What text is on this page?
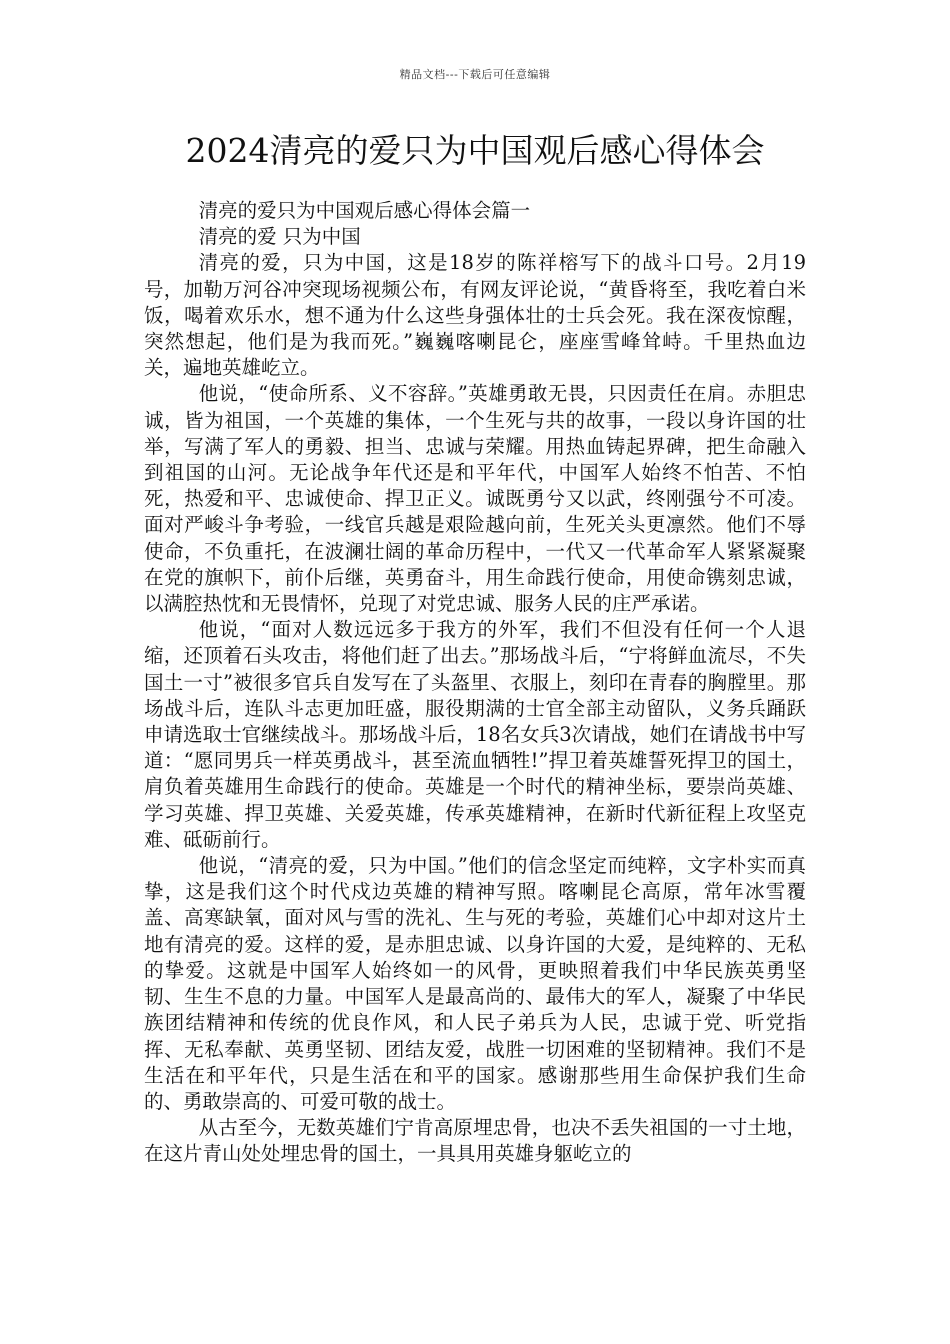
精品文档---下载后可任意编辑
2024清亮的爱只为中国观后感心得体会

清亮的爱只为中国观后感心得体会篇一

清亮的爱 只为中国

清亮的爱，只为中国，这是18岁的陈祥榕写下的战斗口号。2月19号，加勒万河谷冲突现场视频公布，有网友评论说，“黄昏将至，我吃着白米饭，喝着欢乐水，想不通为什么这些身强体壮的士兵会死。我在深夜惊醒，突然想起，他们是为我而死。”巍巍喀喇昆仑，座座雪峰耸峙。千里热血边关，遍地英雄屹立。

他说，“使命所系、义不容辞。”英雄勇敢无畏，只因责任在肩。赤胆忠诚，皆为祖国，一个英雄的集体，一个生死与共的故事，一段以身许国的壮举，写满了军人的勇毅、担当、忠诚与荣耀。用热血铸起界碑，把生命融入到祖国的山河。无论战争年代还是和平年代，中国军人始终不怕苦、不怕死，热爱和平、忠诚使命、捍卫正义。诚既勇兮又以武，终刚强兮不可凌。面对严峻斗争考验，一线官兵越是艰险越向前，生死关头更凛然。他们不辱使命，不负重托，在波澜壮阔的革命历程中，一代又一代革命军人紧紧凝聚在党的旗帜下，前仆后继，英勇奋斗，用生命践行使命，用使命镌刻忠诚，以满腔热忱和无畏情怀，兑现了对党忠诚、服务人民的庄严承诺。

他说，“面对人数远远多于我方的外军，我们不但没有任何一个人退缩，还顶着石头攻击，将他们赶了出去。”那场战斗后，“宁将鲜血流尽，不失国土一寸”被很多官兵自发写在了头盔里、衣服上，刻印在青春的胸膛里。那场战斗后，连队斗志更加旺盛，服役期满的士官全部主动留队，义务兵踊跃申请选取士官继续战斗。那场战斗后，18名女兵3次请战，她们在请战书中写道：“愿同男兵一样英勇战斗，甚至流血牺牲!”捍卫着英雄誓死捍卫的国土，肩负着英雄用生命践行的使命。英雄是一个时代的精神坐标，要崇尚英雄、学习英雄、捍卫英雄、关爱英雄，传承英雄精神，在新时代新征程上攻坚克难、砥砺前行。

他说，“清亮的爱，只为中国。”他们的信念坚定而纯粹，文字朴实而真挚，这是我们这个时代戍边英雄的精神写照。喀喇昆仑高原，常年冰雪覆盖、高寒缺氧，面对风与雪的洗礼、生与死的考验，英雄们心中却对这片土地有清亮的爱。这样的爱，是赤胆忠诚、以身许国的大爱，是纯粹的、无私的挚爱。这就是中国军人始终如一的风骨，更映照着我们中华民族英勇坚韧、生生不息的力量。中国军人是最高尚的、最伟大的军人，凝聚了中华民族团结精神和传统的优良作风，和人民子弟兵为人民，忠诚于党、听党指挥、无私奉献、英勇坚韧、团结友爱，战胜一切困难的坚韧精神。我们不是生活在和平年代，只是生活在和平的国家。感谢那些用生命保护我们生命的、勇敢崇高的、可爱可敬的战士。

从古至今，无数英雄们宁肯高原埋忠骨，也决不丢失祖国的一寸土地，在这片青山处处埋忠骨的国土，一具具用英雄身躯屹立的
